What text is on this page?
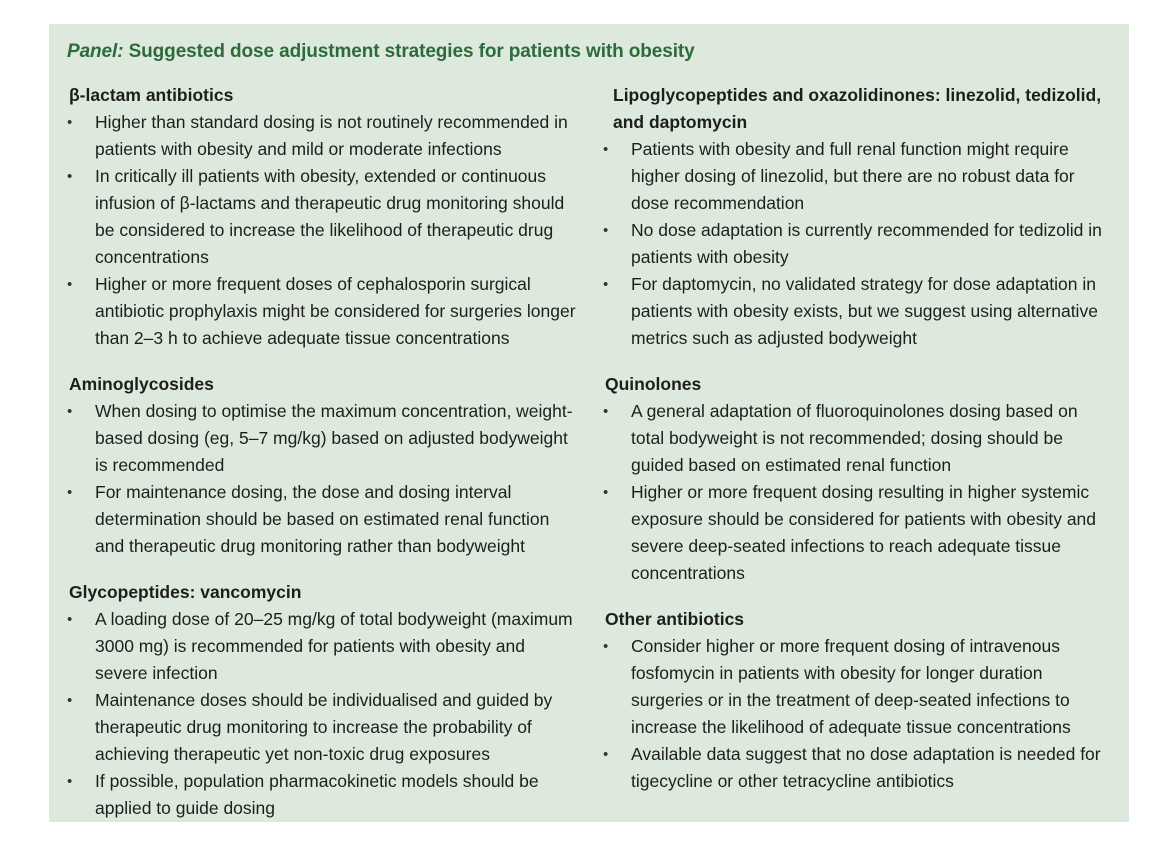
Panel: Suggested dose adjustment strategies for patients with obesity
β-lactam antibiotics
• Higher than standard dosing is not routinely recommended in patients with obesity and mild or moderate infections
• In critically ill patients with obesity, extended or continuous infusion of β-lactams and therapeutic drug monitoring should be considered to increase the likelihood of therapeutic drug concentrations
• Higher or more frequent doses of cephalosporin surgical antibiotic prophylaxis might be considered for surgeries longer than 2–3 h to achieve adequate tissue concentrations
Aminoglycosides
• When dosing to optimise the maximum concentration, weight-based dosing (eg, 5–7 mg/kg) based on adjusted bodyweight is recommended
• For maintenance dosing, the dose and dosing interval determination should be based on estimated renal function and therapeutic drug monitoring rather than bodyweight
Glycopeptides: vancomycin
• A loading dose of 20–25 mg/kg of total bodyweight (maximum 3000 mg) is recommended for patients with obesity and severe infection
• Maintenance doses should be individualised and guided by therapeutic drug monitoring to increase the probability of achieving therapeutic yet non-toxic drug exposures
• If possible, population pharmacokinetic models should be applied to guide dosing
Lipoglycopeptides and oxazolidinones: linezolid, tedizolid, and daptomycin
• Patients with obesity and full renal function might require higher dosing of linezolid, but there are no robust data for dose recommendation
• No dose adaptation is currently recommended for tedizolid in patients with obesity
• For daptomycin, no validated strategy for dose adaptation in patients with obesity exists, but we suggest using alternative metrics such as adjusted bodyweight
Quinolones
• A general adaptation of fluoroquinolones dosing based on total bodyweight is not recommended; dosing should be guided based on estimated renal function
• Higher or more frequent dosing resulting in higher systemic exposure should be considered for patients with obesity and severe deep-seated infections to reach adequate tissue concentrations
Other antibiotics
• Consider higher or more frequent dosing of intravenous fosfomycin in patients with obesity for longer duration surgeries or in the treatment of deep-seated infections to increase the likelihood of adequate tissue concentrations
• Available data suggest that no dose adaptation is needed for tigecycline or other tetracycline antibiotics
